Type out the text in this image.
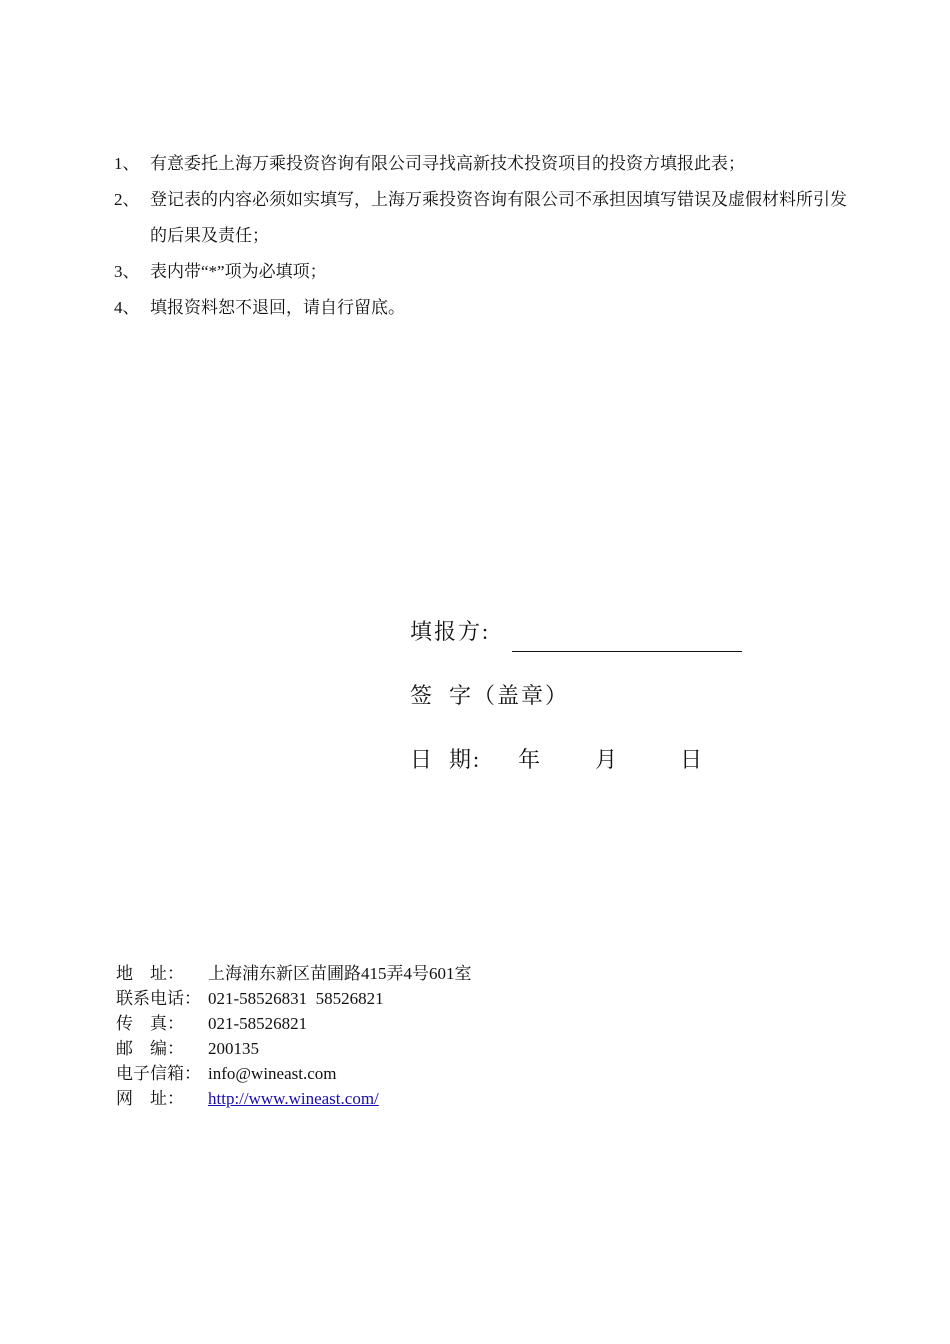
1、 有意委托上海万乘投资咨询有限公司寻找高新技术投资项目的投资方填报此表；
2、 登记表的内容必须如实填写，上海万乘投资咨询有限公司不承担因填写错误及虚假材料所引发的后果及责任；
3、 表内带“*”项为必填项；
4、 填报资料恕不退回，请自行留底。
填报方:
签  字（盖章）
日  期: 年 月	日
地    址： 上海浦东新区苗圃路415弄4号601室
联系电话： 021-58526831  58526821
传    真： 021-58526821
邮    编： 200135
电子信箱： info@wineast.com
网    址： http://www.wineast.com/
